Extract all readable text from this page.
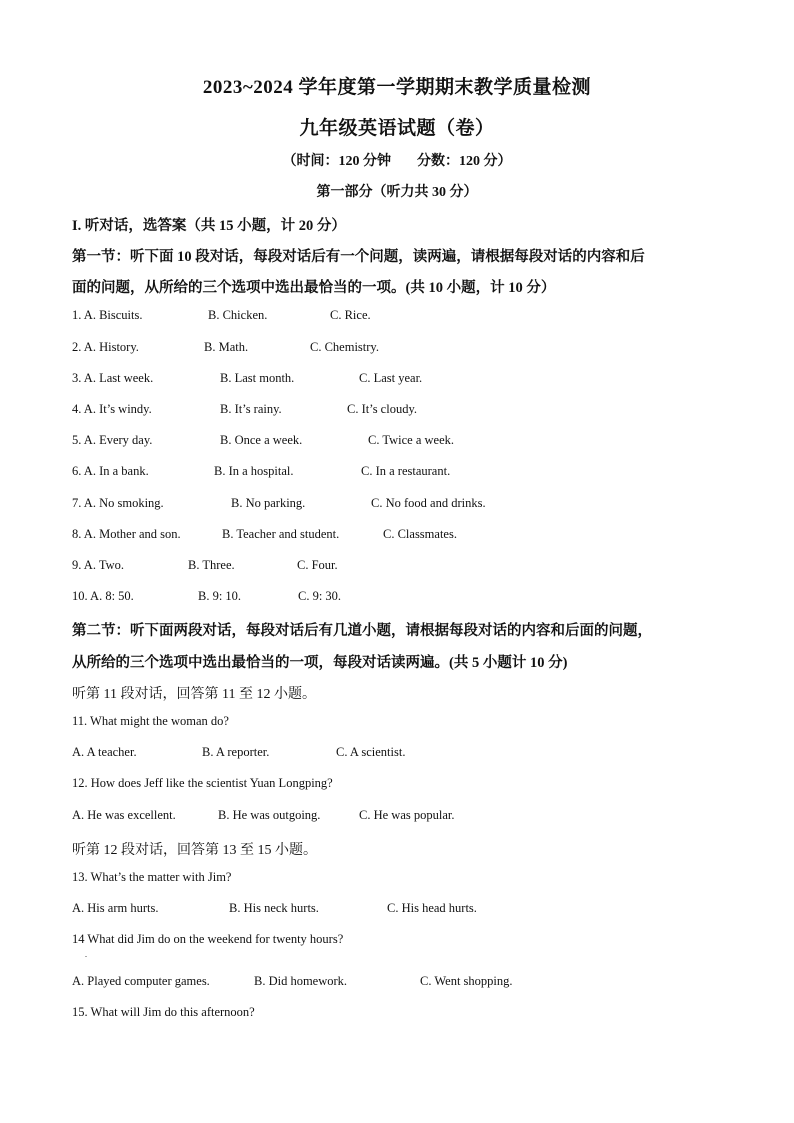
2023~2024 学年度第一学期期末教学质量检测
九年级英语试题（卷）
（时间：120 分钟 分数：120 分）
第一部分（听力共 30 分）
I. 听对话，选答案（共 15 小题，计 20 分）
第一节：听下面 10 段对话，每段对话后有一个问题，读两遍，请根据每段对话的内容和后
面的问题，从所给的三个选项中选出最恰当的一项。(共 10 小题，计 10 分）
1. A. Biscuits.	B. Chicken.	C. Rice.
2. A. History.	B. Math.	C. Chemistry.
3. A. Last week.	B. Last month.	C. Last year.
4. A. It’s windy.	B. It’s rainy.	C. It’s cloudy.
5. A. Every day.	B. Once a week.	C. Twice a week.
6. A. In a bank.	B. In a hospital.	C. In a restaurant.
7. A. No smoking.	B. No parking.	C. No food and drinks.
8. A. Mother and son.	B. Teacher and student.	C. Classmates.
9. A. Two.	B. Three.	C. Four.
10. A. 8: 50.	B. 9: 10.	C. 9: 30.
第二节：听下面两段对话，每段对话后有几道小题，请根据每段对话的内容和后面的问题，
从所给的三个选项中选出最恰当的一项，每段对话读两遍。(共 5 小题计 10 分)
听第 11 段对话，回答第 11 至 12 小题。
11. What might the woman do?
A. A teacher.	B. A reporter.	C. A scientist.
12. How does Jeff like the scientist Yuan Longping?
A. He was excellent.	B. He was outgoing.	C. He was popular.
听第 12 段对话，回答第 13 至 15 小题。
13. What’s the matter with Jim?
A. His arm hurts.	B. His neck hurts.	C. His head hurts.
14 What did Jim do on the weekend for twenty hours?
.
A. Played computer games.	B. Did homework.	C. Went shopping.
15. What will Jim do this afternoon?
